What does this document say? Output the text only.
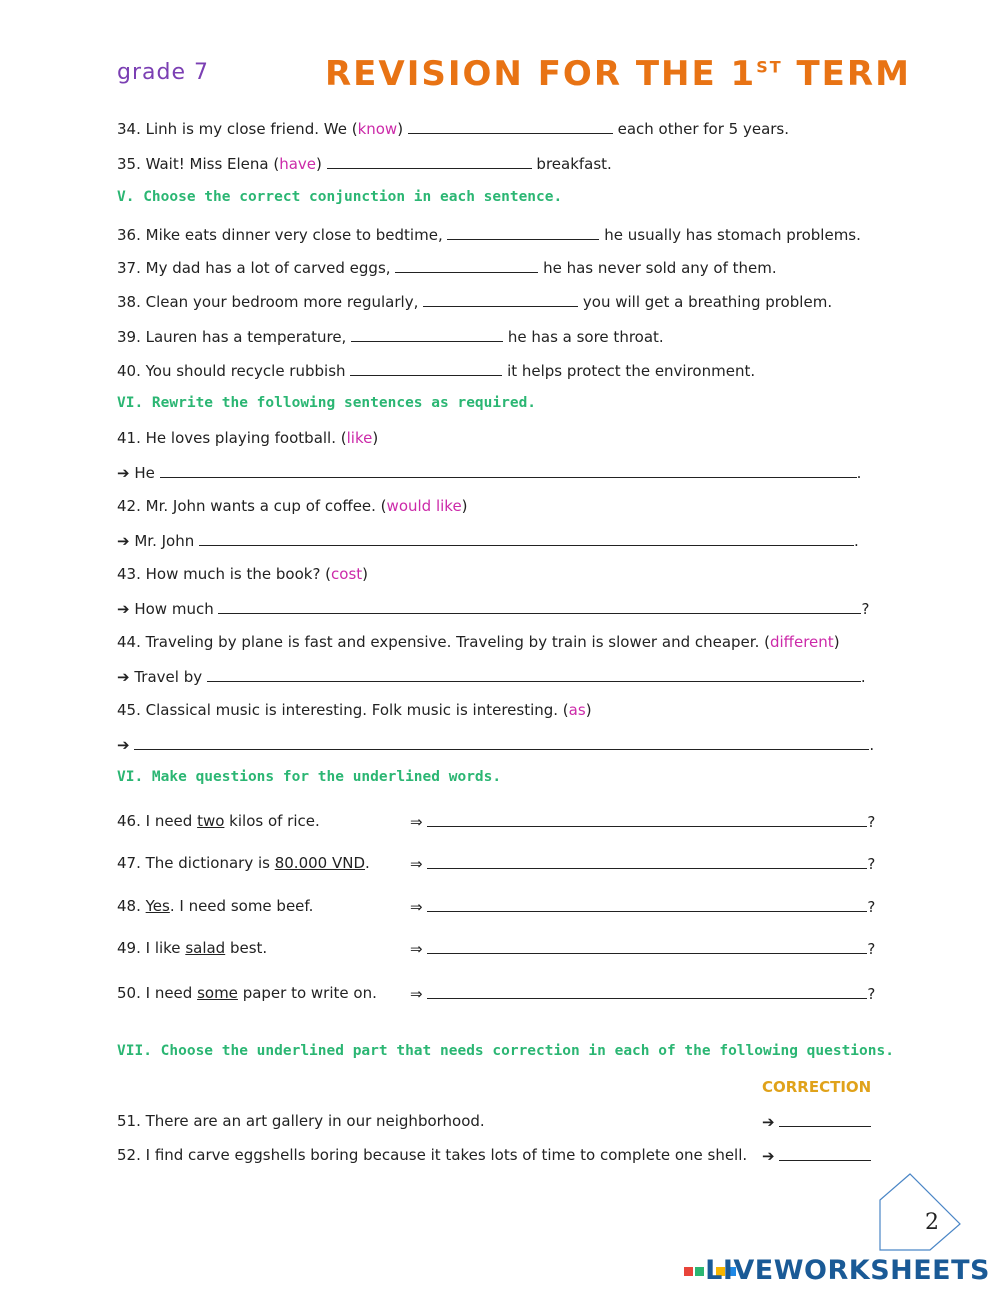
grade 7	REVISION FOR THE 1ST TERM
34. Linh is my close friend. We (know)	each other for 5 years.
35. Wait! Miss Elena (have)	breakfast.
V. Choose the correct conjunction in each sentence.
36. Mike eats dinner very close to bedtime,	he usually has stomach problems.
37. My dad has a lot of carved eggs,	he has never sold any of them.
38. Clean your bedroom more regularly,	you will get a breathing problem.
39. Lauren has a temperature,	he has a sore throat.
40. You should recycle rubbish	it helps protect the environment.
VI. Rewrite the following sentences as required.
41. He loves playing football. (like)
➔ He	.
42. Mr. John wants a cup of coffee. (would like)
➔ Mr. John	.
43. How much is the book? (cost)
➔ How much	?
44. Traveling by plane is fast and expensive. Traveling by train is slower and cheaper. (different)
➔ Travel by	.
45. Classical music is interesting. Folk music is interesting. (as)
➔	.
VI. Make questions for the underlined words.
46. I need two kilos of rice.	⇒	?
47. The dictionary is 80.000 VND.	⇒	?
48. Yes. I need some beef.	⇒	?
49. I like salad best.	⇒	?
50. I need some paper to write on. ⇒	?
VII. Choose the underlined part that needs correction in each of the following questions.
CORRECTION
51. There are an art gallery in our neighborhood.	➔
52. I find carve eggshells boring because it takes lots of time to complete one shell. ➔
2
LIVEWORKSHEETS
